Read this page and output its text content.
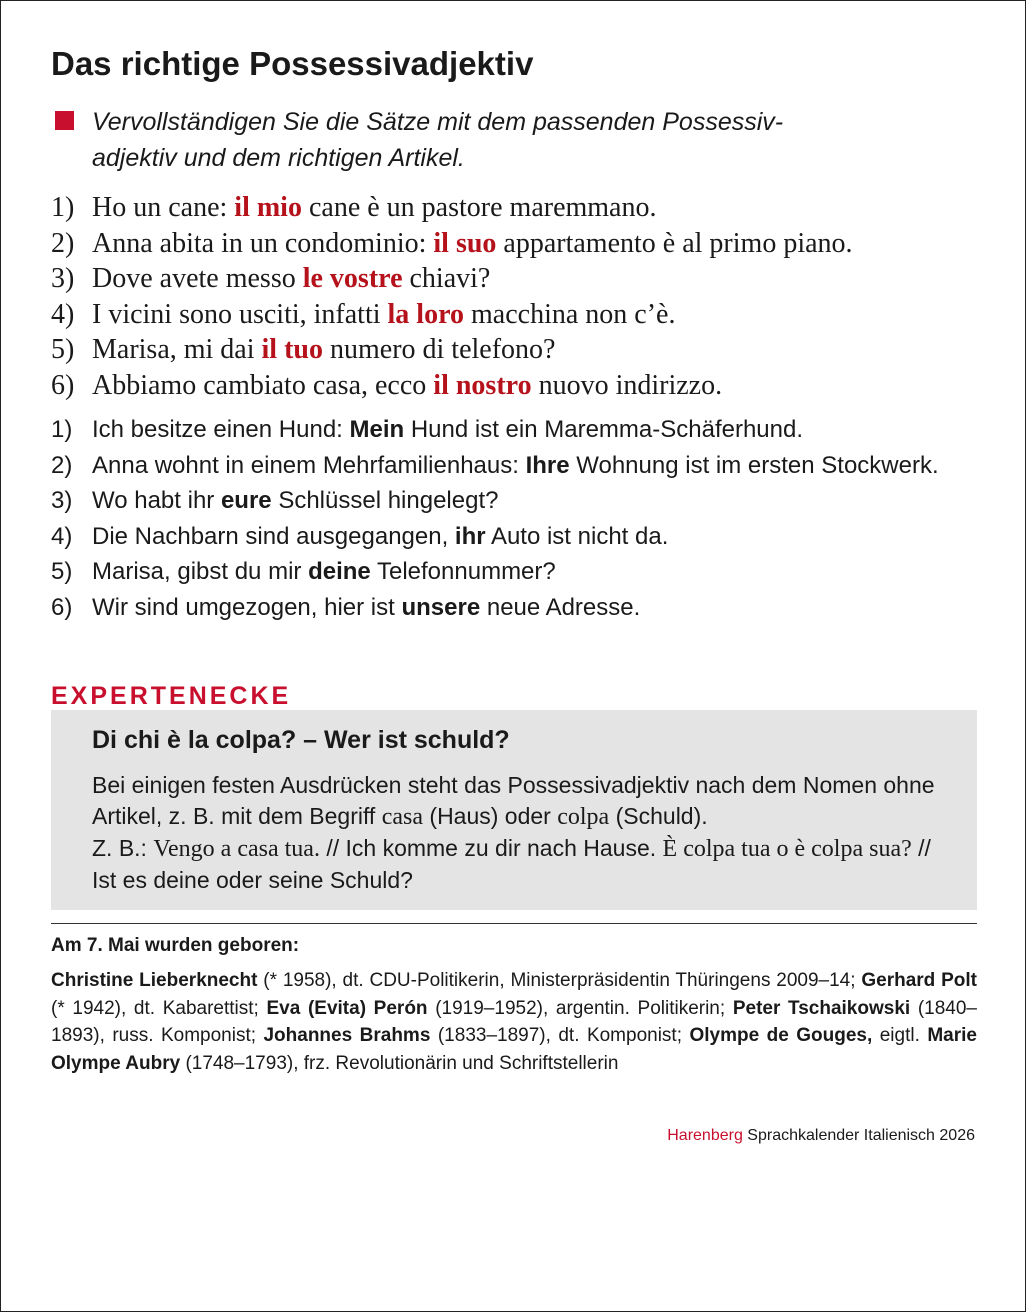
Das richtige Possessivadjektiv
Vervollständigen Sie die Sätze mit dem passenden Possessiv-
adjektiv und dem richtigen Artikel.
1) Ho un cane: il mio cane è un pastore maremmano.
2) Anna abita in un condominio: il suo appartamento è al primo piano.
3) Dove avete messo le vostre chiavi?
4) I vicini sono usciti, infatti la loro macchina non c’è.
5) Marisa, mi dai il tuo numero di telefono?
6) Abbiamo cambiato casa, ecco il nostro nuovo indirizzo.
1) Ich besitze einen Hund: Mein Hund ist ein Maremma-Schäferhund.
2) Anna wohnt in einem Mehrfamilienhaus: Ihre Wohnung ist im ersten Stockwerk.
3) Wo habt ihr eure Schlüssel hingelegt?
4) Die Nachbarn sind ausgegangen, ihr Auto ist nicht da.
5) Marisa, gibst du mir deine Telefonnummer?
6) Wir sind umgezogen, hier ist unsere neue Adresse.
EXPERTENECKE
Di chi è la colpa? – Wer ist schuld?
Bei einigen festen Ausdrücken steht das Possessivadjektiv nach dem Nomen ohne Artikel, z. B. mit dem Begriff casa (Haus) oder colpa (Schuld).
Z. B.: Vengo a casa tua. // Ich komme zu dir nach Hause. È colpa tua o è colpa sua? // Ist es deine oder seine Schuld?
Am 7. Mai wurden geboren:
Christine Lieberknecht (* 1958), dt. CDU-Politikerin, Ministerpräsidentin Thüringens 2009–14; Gerhard Polt (* 1942), dt. Kabarettist; Eva (Evita) Perón (1919–1952), argentin. Politikerin; Peter Tschaikowski (1840–1893), russ. Komponist; Johannes Brahms (1833–1897), dt. Komponist; Olympe de Gouges, eigtl. Marie Olympe Aubry (1748–1793), frz. Revolutionärin und Schriftstellerin
Harenberg Sprachkalender Italienisch 2026
